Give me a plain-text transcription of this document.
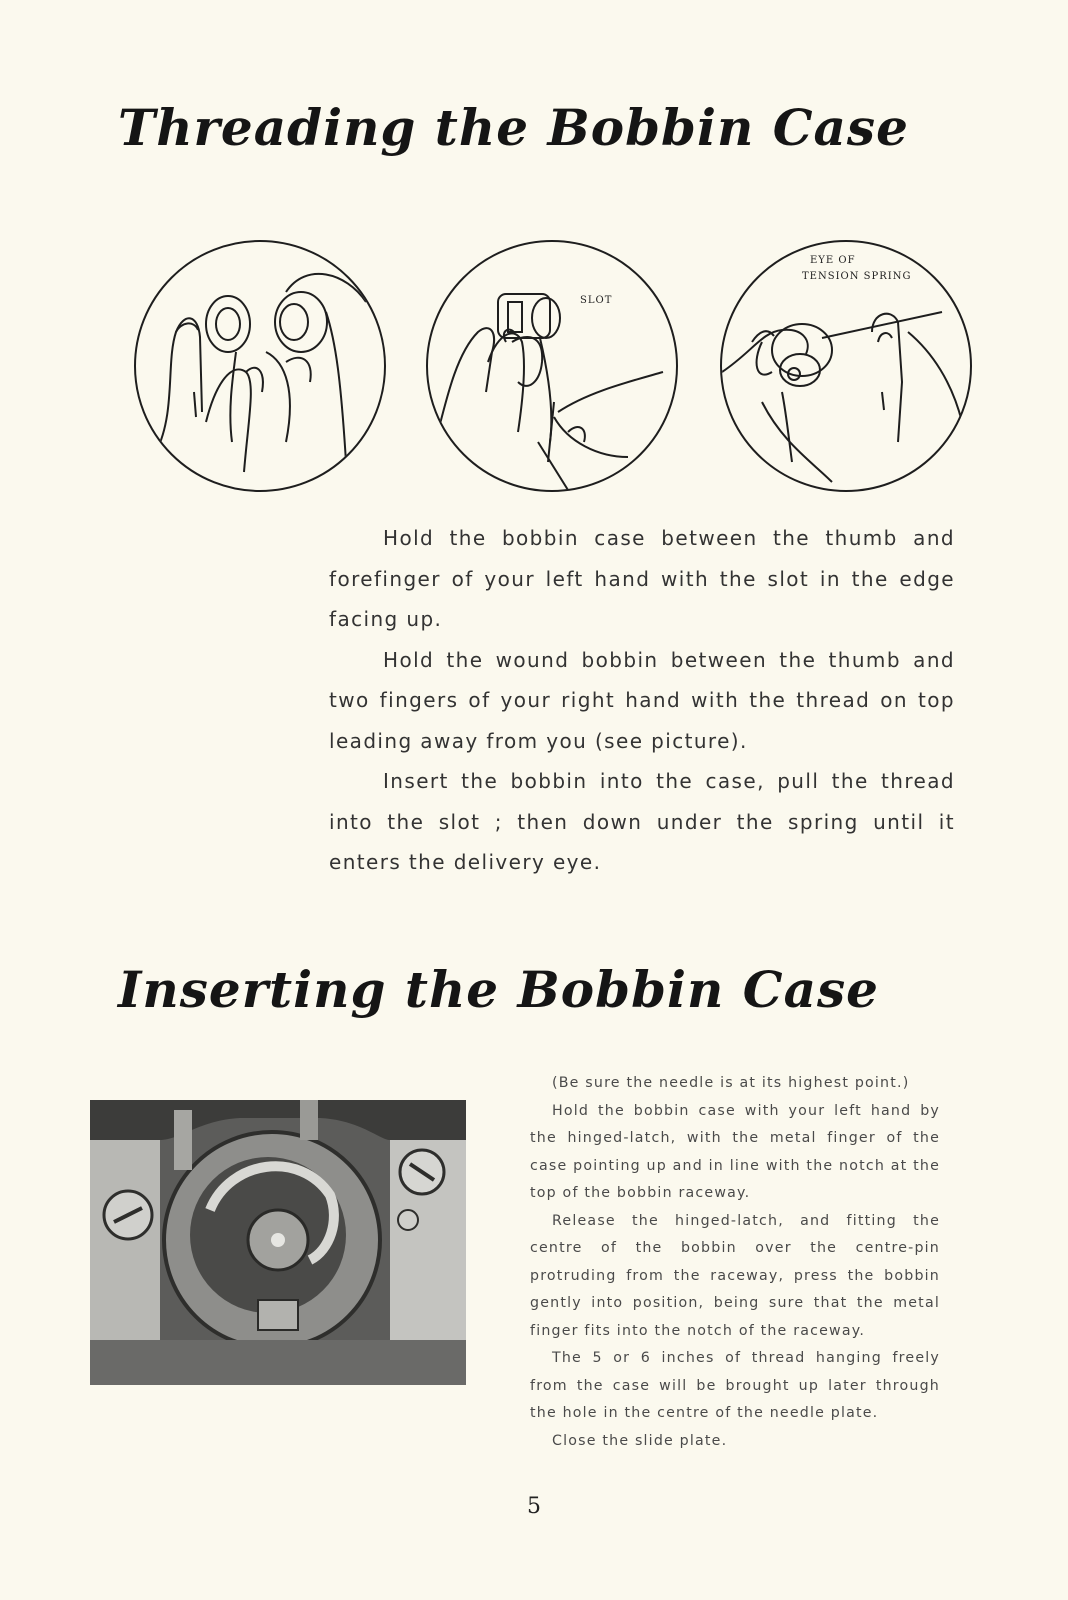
Threading the Bobbin Case
SLOT
EYE OF
TENSION SPRING

Hold the bobbin case between the thumb and forefinger of your left hand with the slot in the edge facing up.

Hold the wound bobbin between the thumb and two fingers of your right hand with the thread on top leading away from you (see picture).

Insert the bobbin into the case, pull the thread into the slot ; then down under the spring until it enters the delivery eye.

Inserting the Bobbin Case

(Be sure the needle is at its highest point.)

Hold the bobbin case with your left hand by the hinged-latch, with the metal finger of the case pointing up and in line with the notch at the top of the bobbin raceway.

Release the hinged-latch, and fitting the centre of the bobbin over the centre-pin protruding from the raceway, press the bobbin gently into position, being sure that the metal finger fits into the notch of the raceway.

The 5 or 6 inches of thread hanging freely from the case will be brought up later through the hole in the centre of the needle plate.

Close the slide plate.

5
